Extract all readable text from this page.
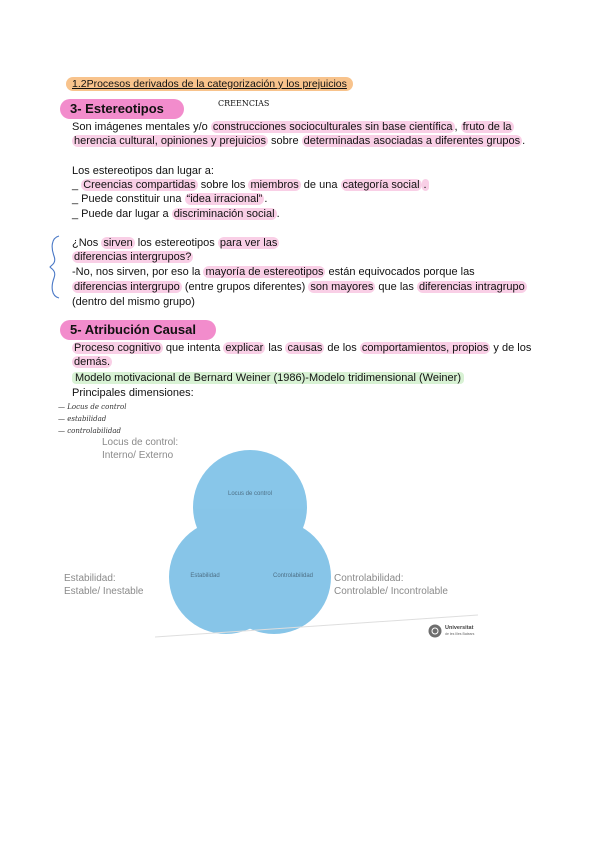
1.2Procesos derivados de la categorización y los prejuicios
3- Estereotipos	CREENCIAS
Son imágenes mentales y/o construcciones socioculturales sin base científica , fruto de la
herencia cultural, opiniones y prejuicios sobre determinadas asociadas a diferentes grupos .
Los estereotipos dan lugar a:
_ Creencias compartidas sobre los miembros de una categoría social .
_ Puede constituir una “idea irracional” .
_ Puede dar lugar a discriminación social .
¿Nos sirven los estereotipos para ver las
diferencias intergrupos?
-No, nos sirven, por eso la mayoría de estereotipos están equivocados porque las
diferencias intergrupo (entre grupos diferentes) son mayores que las diferencias intragrupo
(dentro del mismo grupo)
5- Atribución Causal
Proceso cognitivo que intenta explicar las causas de los comportamientos, propios y de los
demás.
Modelo motivacional de Bernard Weiner (1986)-Modelo tridimensional (Weiner)
Principales dimensiones:
— Locus de control
— estabilidad
— controlabilidad
Locus de control:
Interno/ Externo
Estabilidad:
Estable/ Inestable
Controlabilidad:
Controlable/ Incontrolable
Locus de control
Estabilidad	Controlabilidad
Universitat
de les Illes Balears
